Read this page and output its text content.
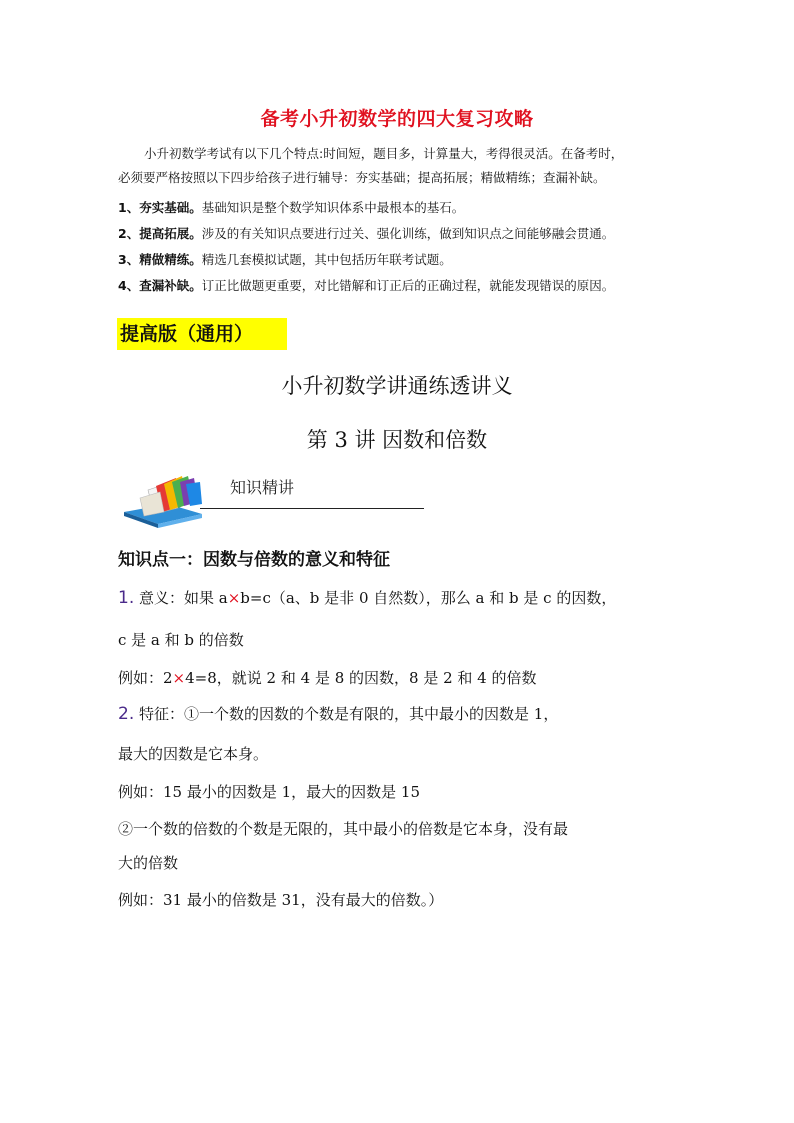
备考小升初数学的四大复习攻略

小升初数学考试有以下几个特点:时间短，题目多，计算量大，考得很灵活。在备考时，

必须要严格按照以下四步给孩子进行辅导：夯实基础；提高拓展；精做精练；查漏补缺。

1、夯实基础。基础知识是整个数学知识体系中最根本的基石。
2、提高拓展。涉及的有关知识点要进行过关、强化训练，做到知识点之间能够融会贯通。
3、精做精练。精选几套模拟试题，其中包括历年联考试题。
4、查漏补缺。订正比做题更重要，对比错解和订正后的正确过程，就能发现错误的原因。
提高版（通用）
小升初数学讲通练透讲义
第 3 讲 因数和倍数
知识精讲
知识点一：因数与倍数的意义和特征
1. 意义：如果 a×b=c（a、b 是非 0 自然数），那么 a 和 b 是 c 的因数，
c 是 a 和 b 的倍数
例如：2×4=8，就说 2 和 4 是 8 的因数，8 是 2 和 4 的倍数
2. 特征：①一个数的因数的个数是有限的，其中最小的因数是 1，
最大的因数是它本身。
例如：15 最小的因数是 1，最大的因数是 15
②一个数的倍数的个数是无限的，其中最小的倍数是它本身，没有最
大的倍数
例如：31 最小的倍数是 31，没有最大的倍数。）
